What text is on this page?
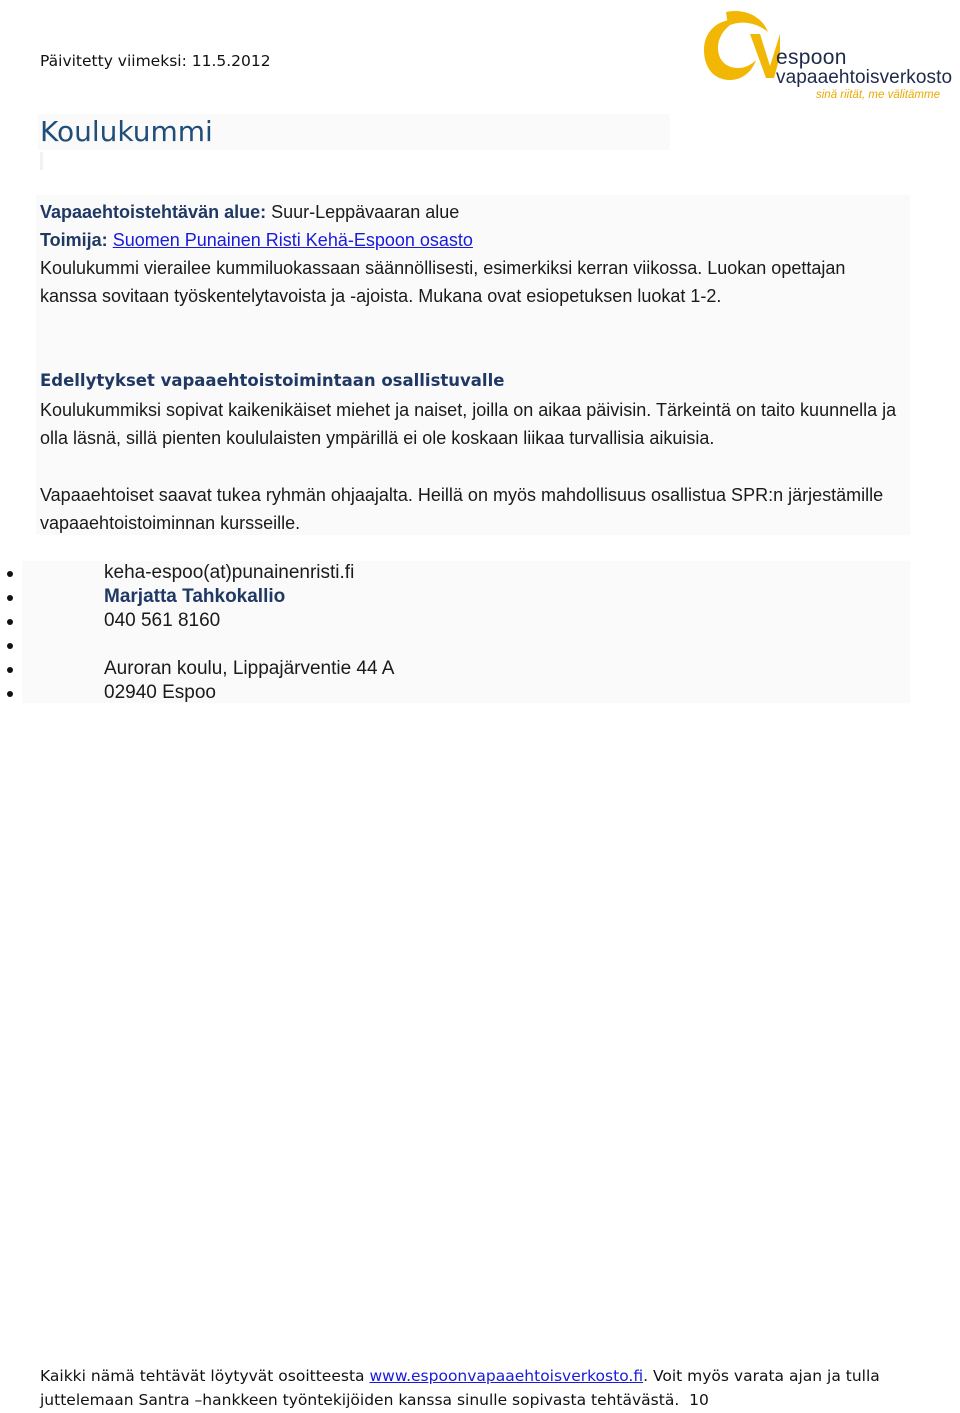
Päivitetty viimeksi: 11.5.2012	espoon
vapaaehtoisverkosto
sinä riität, me välitämme
Koulukummi
Vapaaehtoistehtävän alue: Suur-Leppävaaran alue
Toimija: Suomen Punainen Risti Kehä-Espoon osasto
Koulukummi vierailee kummiluokassaan säännöllisesti, esimerkiksi kerran viikossa. Luokan opettajan kanssa sovitaan työskentelytavoista ja -ajoista. Mukana ovat esiopetuksen luokat 1-2.
Edellytykset vapaaehtoistoimintaan osallistuvalle
Koulukummiksi sopivat kaikenikäiset miehet ja naiset, joilla on aikaa päivisin. Tärkeintä on taito kuunnella ja olla läsnä, sillä pienten koululaisten ympärillä ei ole koskaan liikaa turvallisia aikuisia.
Vapaaehtoiset saavat tukea ryhmän ohjaajalta. Heillä on myös mahdollisuus osallistua SPR:n järjestämille vapaaehtoistoiminnan kursseille.
keha-espoo(at)punainenristi.fi
Marjatta Tahkokallio
040 561 8160
Auroran koulu, Lippajärventie 44 A
02940 Espoo
Kaikki nämä tehtävät löytyvät osoitteesta www.espoonvapaaehtoisverkosto.fi. Voit myös varata ajan ja tulla juttelemaan Santra –hankkeen työntekijöiden kanssa sinulle sopivasta tehtävästä. 10
